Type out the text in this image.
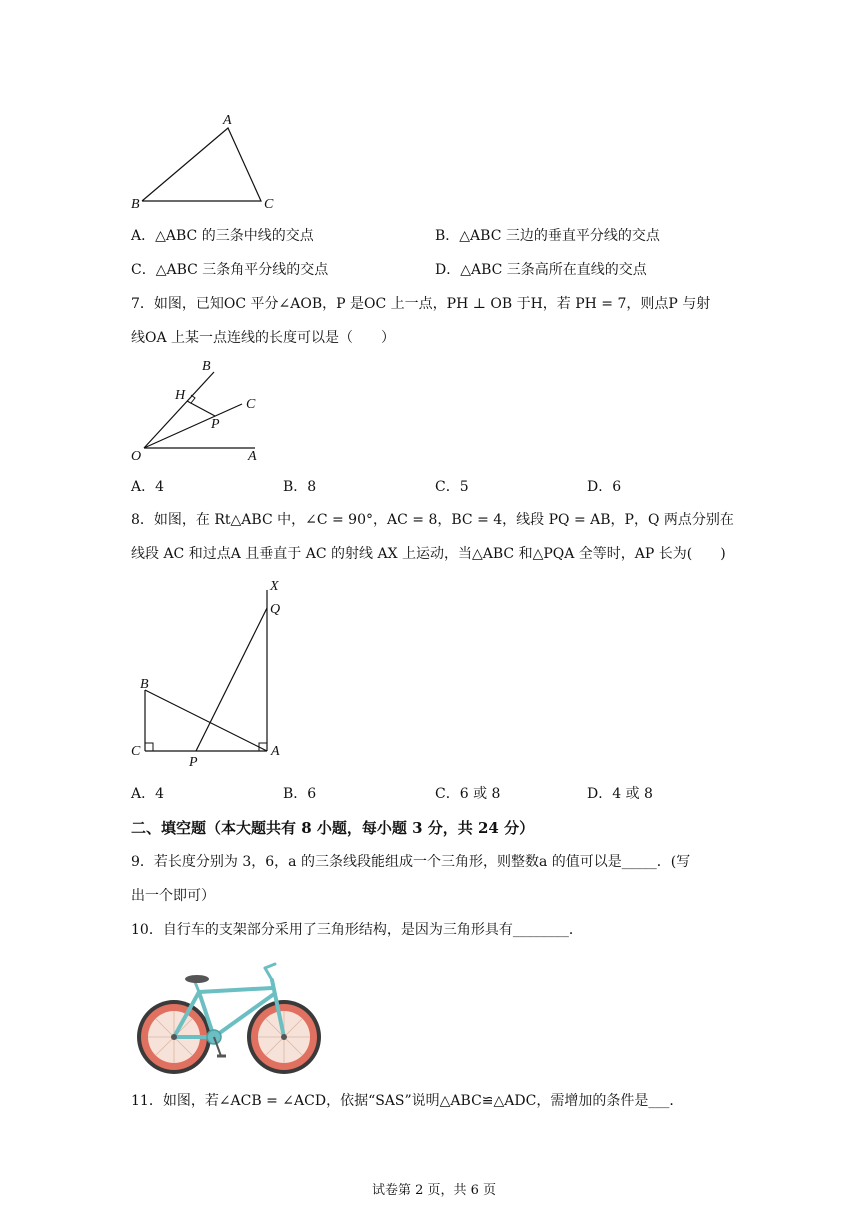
A
B	C
A．△ABC 的三条中线的交点	B．△ABC 三边的垂直平分线的交点
C．△ABC 三条角平分线的交点	D．△ABC 三条高所在直线的交点
7．如图，已知OC 平分∠AOB，P 是OC 上一点，PH ⊥ OB 于H，若 PH = 7，则点P 与射
线OA 上某一点连线的长度可以是（　　）
B
H
C
P
O	A
A．4	B．8	C．5	D．6
8．如图，在 Rt△ABC 中，∠C = 90°，AC = 8，BC = 4，线段 PQ = AB，P，Q 两点分别在
线段 AC 和过点A 且垂直于 AC 的射线 AX 上运动，当△ABC 和△PQA 全等时，AP 长为(　　)
X
Q
B
C
P
A
A．4	B．6	C．6 或 8	D．4 或 8
二、填空题（本大题共有 8 小题，每小题 3 分，共 24 分）
9．若长度分别为 3，6，a 的三条线段能组成一个三角形，则整数a 的值可以是_____．(写
出一个即可）
10．自行车的支架部分采用了三角形结构，是因为三角形具有________．
11．如图，若∠ACB = ∠ACD，依据“SAS”说明△ABC≌△ADC，需增加的条件是___．
试卷第 2 页，共 6 页
